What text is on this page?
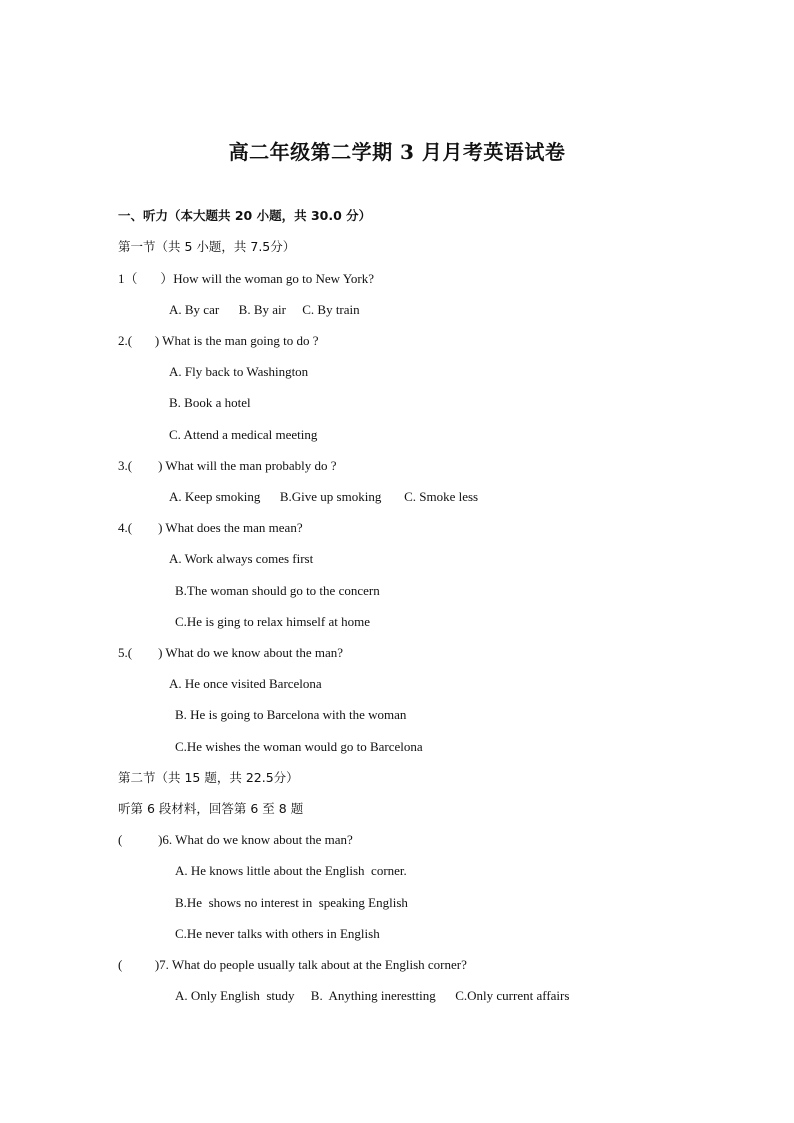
高二年级第二学期 3 月月考英语试卷
一、听力（本大题共 20 小题，共 30.0 分）
第一节（共 5 小题，共 7.5分）
1（       ）How will the woman go to New York?
A. By car      B. By air     C. By train
2.(       ) What is the man going to do ?
A. Fly back to Washington
B. Book a hotel
C. Attend a medical meeting
3.(        ) What will the man probably do ?
A. Keep smoking      B.Give up smoking       C. Smoke less
4.(        ) What does the man mean?
A. Work always comes first
B.The woman should go to the concern
C.He is ging to relax himself at home
5.(        ) What do we know about the man?
A. He once visited Barcelona
B. He is going to Barcelona with the woman
C.He wishes the woman would go to Barcelona
第二节（共 15 题，共 22.5分）
听第 6 段材料，回答第 6 至 8 题
(           )6. What do we know about the man?
A. He knows little about the English  corner.
B.He  shows no interest in  speaking English
C.He never talks with others in English
(          )7. What do people usually talk about at the English corner?
A. Only English  study     B.  Anything inerestting      C.Only current affairs
